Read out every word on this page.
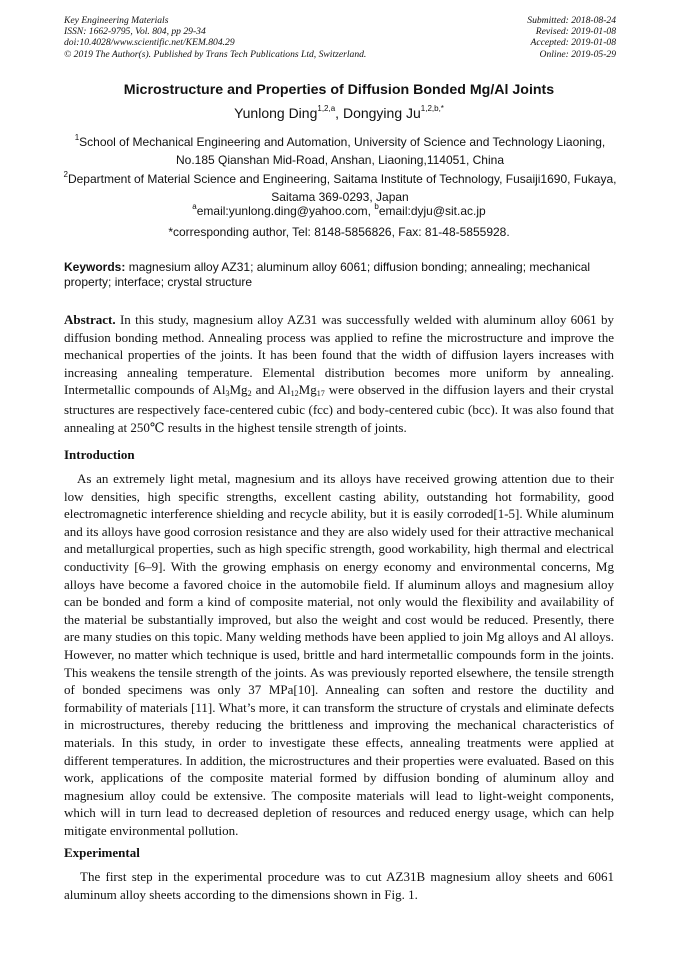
Key Engineering Materials
ISSN: 1662-9795, Vol. 804, pp 29-34
doi:10.4028/www.scientific.net/KEM.804.29
© 2019 The Author(s). Published by Trans Tech Publications Ltd, Switzerland.
Submitted: 2018-08-24
Revised: 2019-01-08
Accepted: 2019-01-08
Online: 2019-05-29
Microstructure and Properties of Diffusion Bonded Mg/Al Joints
Yunlong Ding$^{1,2,a}$, Dongying $Ju^{1,2,b,*}$
$^1$School of Mechanical Engineering and Automation, University of Science and Technology Liaoning, No.185 Qianshan Mid-Road, Anshan, Liaoning,114051, China
$^2$Department of Material Science and Engineering, Saitama Institute of Technology, Fusaiji1690, Fukaya, Saitama 369-0293, Japan
$^a$email:yunlong.ding@yahoo.com, $^b$email:dyju@sit.ac.jp
*corresponding author, Tel: 8148-5856826, Fax: 81-48-5855928.
Keywords: magnesium alloy AZ31; aluminum alloy 6061; diffusion bonding; annealing; mechanical property; interface; crystal structure
Abstract. In this study, magnesium alloy AZ31 was successfully welded with aluminum alloy 6061 by diffusion bonding method. Annealing process was applied to refine the microstructure and improve the mechanical properties of the joints. It has been found that the width of diffusion layers increases with increasing annealing temperature. Elemental distribution becomes more uniform by annealing. Intermetallic compounds of $Al_3Mg_2$ and $Al_{12}Mg_{17}$ were observed in the diffusion layers and their crystal structures are respectively face-centered cubic (fcc) and body-centered cubic (bcc). It was also found that annealing at 250℃ results in the highest tensile strength of joints.
Introduction
As an extremely light metal, magnesium and its alloys have received growing attention due to their low densities, high specific strengths, excellent casting ability, outstanding hot formability, good electromagnetic interference shielding and recycle ability, but it is easily corroded[1-5]. While aluminum and its alloys have good corrosion resistance and they are also widely used for their attractive mechanical and metallurgical properties, such as high specific strength, good workability, high thermal and electrical conductivity [6–9]. With the growing emphasis on energy economy and environmental concerns, Mg alloys have become a favored choice in the automobile field. If aluminum alloys and magnesium alloy can be bonded and form a kind of composite material, not only would the flexibility and availability of the material be substantially improved, but also the weight and cost would be reduced. Presently, there are many studies on this topic. Many welding methods have been applied to join Mg alloys and Al alloys. However, no matter which technique is used, brittle and hard intermetallic compounds form in the joints. This weakens the tensile strength of the joints. As was previously reported elsewhere, the tensile strength of bonded specimens was only 37 MPa[10]. Annealing can soften and restore the ductility and formability of materials [11]. What’s more, it can transform the structure of crystals and eliminate defects in microstructures, thereby reducing the brittleness and improving the mechanical characteristics of materials. In this study, in order to investigate these effects, annealing treatments were applied at different temperatures. In addition, the microstructures and their properties were evaluated. Based on this work, applications of the composite material formed by diffusion bonding of aluminum alloy and magnesium alloy could be extensive. The composite materials will lead to light-weight components, which will in turn lead to decreased depletion of resources and reduced energy usage, which can help mitigate environmental pollution.
Experimental
The first step in the experimental procedure was to cut AZ31B magnesium alloy sheets and 6061 aluminum alloy sheets according to the dimensions shown in Fig. 1.
